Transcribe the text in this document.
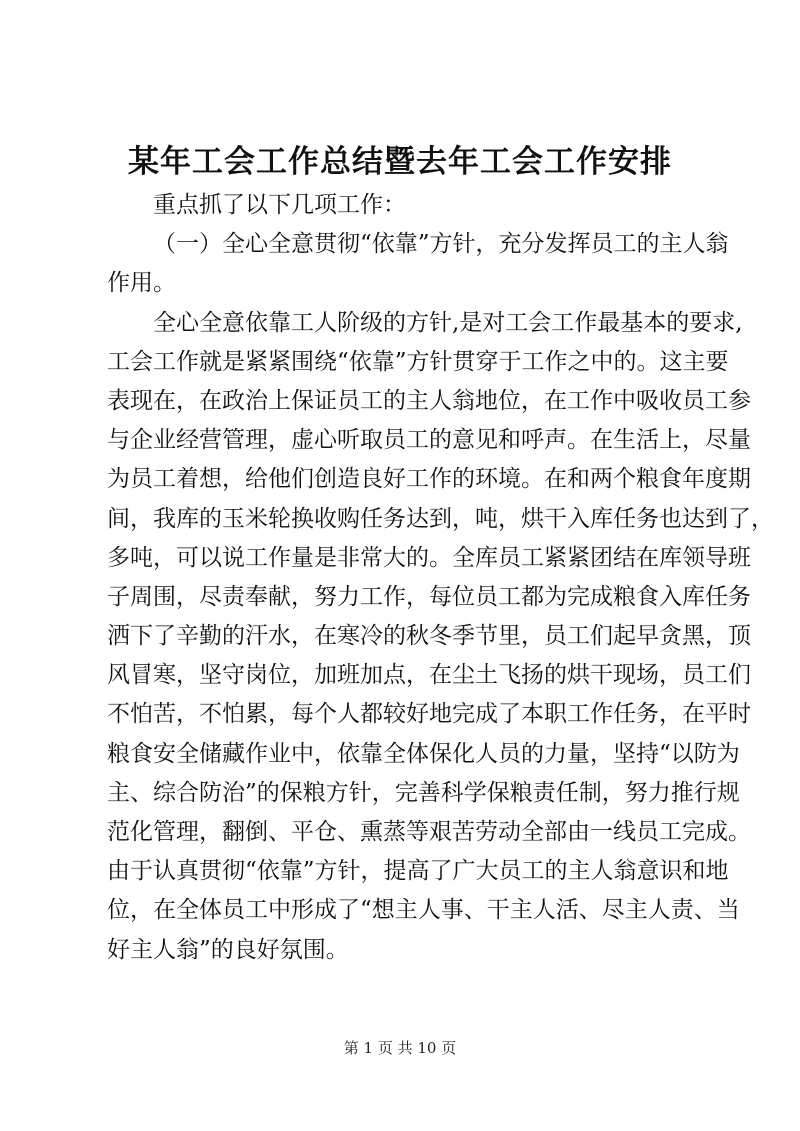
某年工会工作总结暨去年工会工作安排
重点抓了以下几项工作：
（一）全心全意贯彻“依靠”方针，充分发挥员工的主人翁
作用。
全心全意依靠工人阶级的方针,是对工会工作最基本的要求,
工会工作就是紧紧围绕“依靠”方针贯穿于工作之中的。这主要
表现在，在政治上保证员工的主人翁地位，在工作中吸收员工参
与企业经营管理，虚心听取员工的意见和呼声。在生活上，尽量
为员工着想，给他们创造良好工作的环境。在和两个粮食年度期
间，我库的玉米轮换收购任务达到，吨，烘干入库任务也达到了，
多吨，可以说工作量是非常大的。全库员工紧紧团结在库领导班
子周围，尽责奉献，努力工作，每位员工都为完成粮食入库任务
洒下了辛勤的汗水，在寒冷的秋冬季节里，员工们起早贪黑，顶
风冒寒，坚守岗位，加班加点，在尘土飞扬的烘干现场，员工们
不怕苦，不怕累，每个人都较好地完成了本职工作任务，在平时
粮食安全储藏作业中，依靠全体保化人员的力量，坚持“以防为
主、综合防治”的保粮方针，完善科学保粮责任制，努力推行规
范化管理，翻倒、平仓、熏蒸等艰苦劳动全部由一线员工完成。
由于认真贯彻“依靠”方针，提高了广大员工的主人翁意识和地
位，在全体员工中形成了“想主人事、干主人活、尽主人责、当
好主人翁”的良好氛围。
第 1 页 共 10 页
